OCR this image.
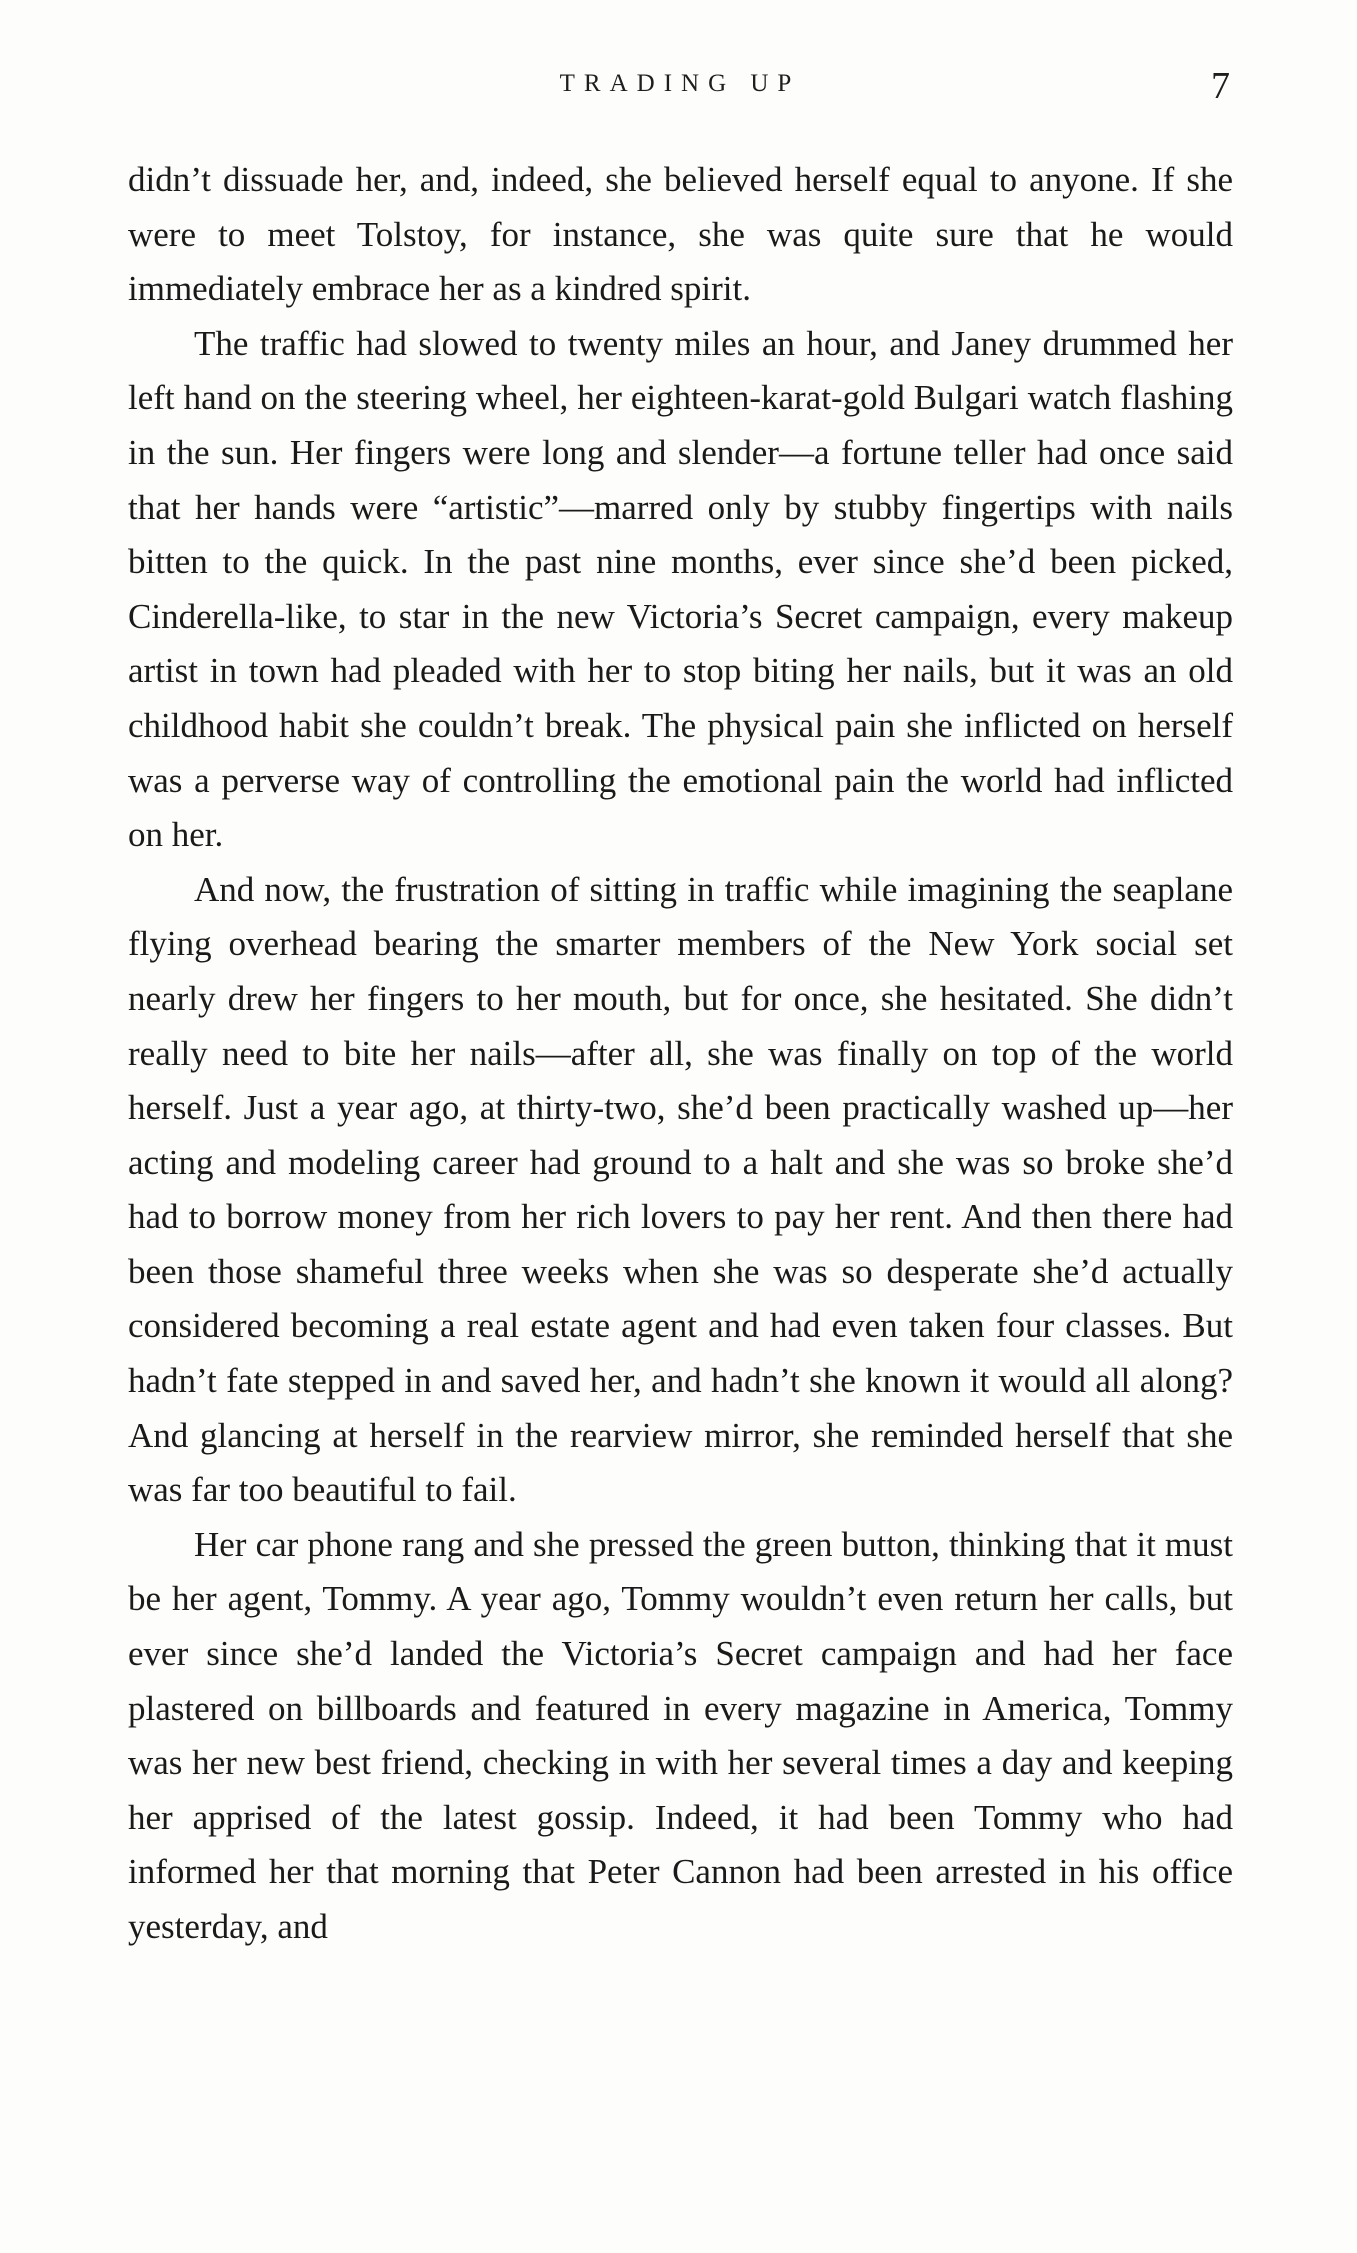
TRADING UP	7

didn’t dissuade her, and, indeed, she believed herself equal to anyone. If she were to meet Tolstoy, for instance, she was quite sure that he would immediately embrace her as a kindred spirit.

The traffic had slowed to twenty miles an hour, and Janey drummed her left hand on the steering wheel, her eighteen-karat-gold Bulgari watch flashing in the sun. Her fingers were long and slender—a fortune teller had once said that her hands were “artistic”—marred only by stubby fingertips with nails bitten to the quick. In the past nine months, ever since she’d been picked, Cinderella-like, to star in the new Victoria’s Secret campaign, every makeup artist in town had pleaded with her to stop biting her nails, but it was an old childhood habit she couldn’t break. The physical pain she inflicted on herself was a perverse way of controlling the emotional pain the world had inflicted on her.

And now, the frustration of sitting in traffic while imagining the seaplane flying overhead bearing the smarter members of the New York social set nearly drew her fingers to her mouth, but for once, she hesitated. She didn’t really need to bite her nails—after all, she was finally on top of the world herself. Just a year ago, at thirty-two, she’d been practically washed up—her acting and modeling career had ground to a halt and she was so broke she’d had to borrow money from her rich lovers to pay her rent. And then there had been those shameful three weeks when she was so desperate she’d actually considered becoming a real estate agent and had even taken four classes. But hadn’t fate stepped in and saved her, and hadn’t she known it would all along? And glancing at herself in the rearview mirror, she reminded herself that she was far too beautiful to fail.

Her car phone rang and she pressed the green button, thinking that it must be her agent, Tommy. A year ago, Tommy wouldn’t even return her calls, but ever since she’d landed the Victoria’s Secret campaign and had her face plastered on billboards and featured in every magazine in America, Tommy was her new best friend, checking in with her several times a day and keeping her apprised of the latest gossip. Indeed, it had been Tommy who had informed her that morning that Peter Cannon had been arrested in his office yesterday, and
